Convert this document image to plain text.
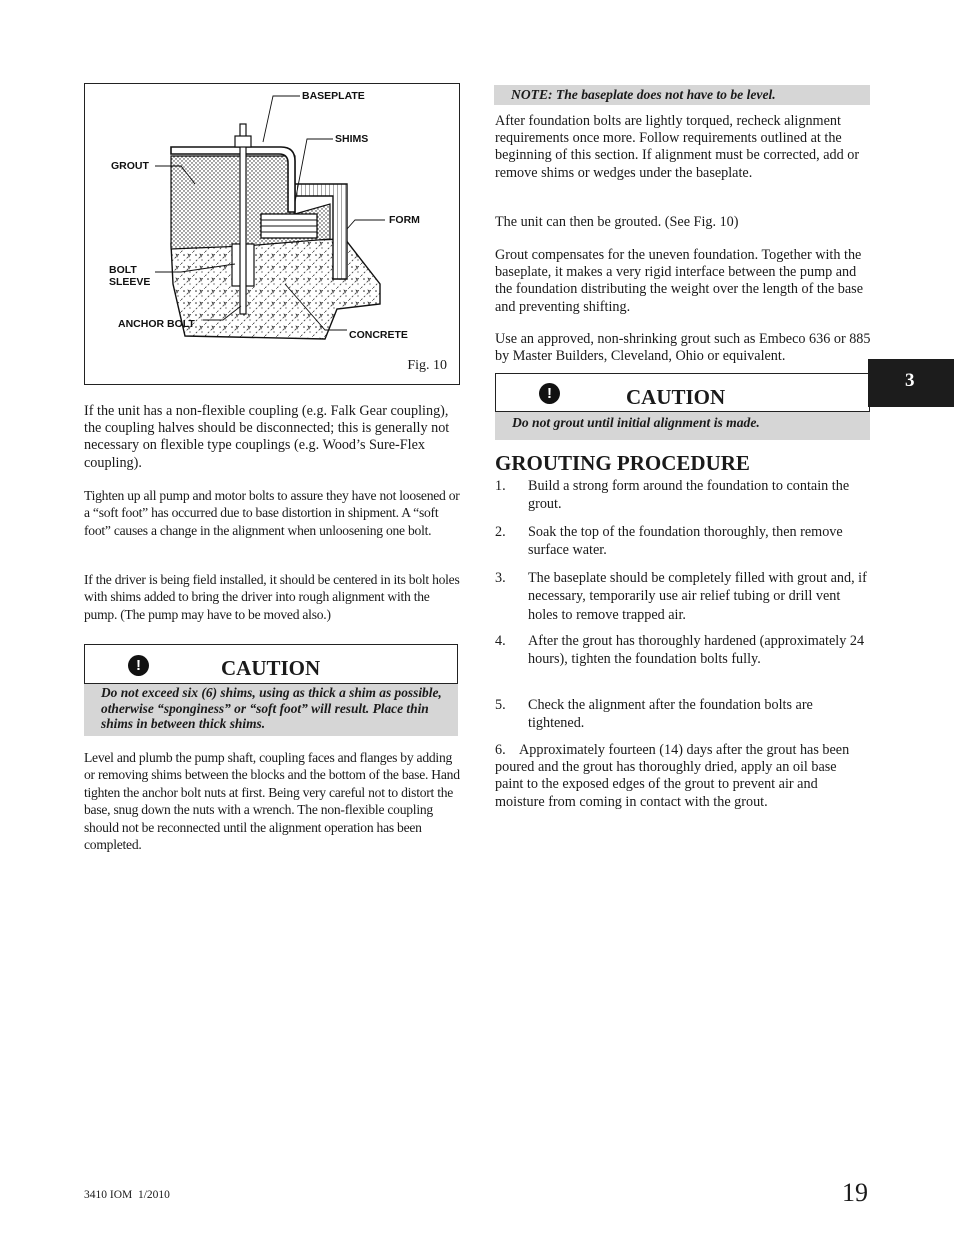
BASEPLATE
SHIMS
GROUT
FORM
BOLT
SLEEVE
ANCHOR BOLT
CONCRETE
Fig. 10

If the unit has a non-flexible coupling (e.g. Falk Gear coupling), the coupling halves should be disconnected; this is generally not necessary on flexible type couplings (e.g. Wood’s Sure-Flex coupling).

Tighten up all pump and motor bolts to assure they have not loosened or a “soft foot” has occurred due to base distortion in shipment. A “soft foot” causes a change in the alignment when unloosening one bolt.

If the driver is being field installed, it should be centered in its bolt holes with shims added to bring the driver into rough alignment with the pump. (The pump may have to be moved also.)

!	CAUTION
Do not exceed six (6) shims, using as thick a shim as possible, otherwise “sponginess” or “soft foot” will result. Place thin shims in between thick shims.

Level and plumb the pump shaft, coupling faces and flanges by adding or removing shims between the blocks and the bottom of the base. Hand tighten the anchor bolt nuts at first. Being very careful not to distort the base, snug down the nuts with a wrench. The non-flexible coupling should not be reconnected until the alignment operation has been completed.

NOTE: The baseplate does not have to be level.

After foundation bolts are lightly torqued, recheck alignment requirements once more. Follow requirements outlined at the beginning of this section. If alignment must be corrected, add or remove shims or wedges under the baseplate.

The unit can then be grouted. (See Fig. 10)

Grout compensates for the uneven foundation. Together with the baseplate, it makes a very rigid interface between the pump and the foundation distributing the weight over the length of the base and preventing shifting.

Use an approved, non-shrinking grout such as Embeco 636 or 885 by Master Builders, Cleveland, Ohio or equivalent.

!	CAUTION
Do not grout until initial alignment is made.
GROUTING PROCEDURE
1. Build a strong form around the foundation to contain the grout.
2. Soak the top of the foundation thoroughly, then remove surface water.
3. The baseplate should be completely filled with grout and, if necessary, temporarily use air relief tubing or drill vent holes to remove trapped air.
4. After the grout has thoroughly hardened (approximately 24 hours), tighten the foundation bolts fully.
5. Check the alignment after the foundation bolts are tightened.

6.    Approximately fourteen (14) days after the grout has been poured and the grout has thoroughly dried, apply an oil base paint to the exposed edges of the grout to prevent air and moisture from coming in contact with the grout.

3
3410 IOM  1/2010	19
